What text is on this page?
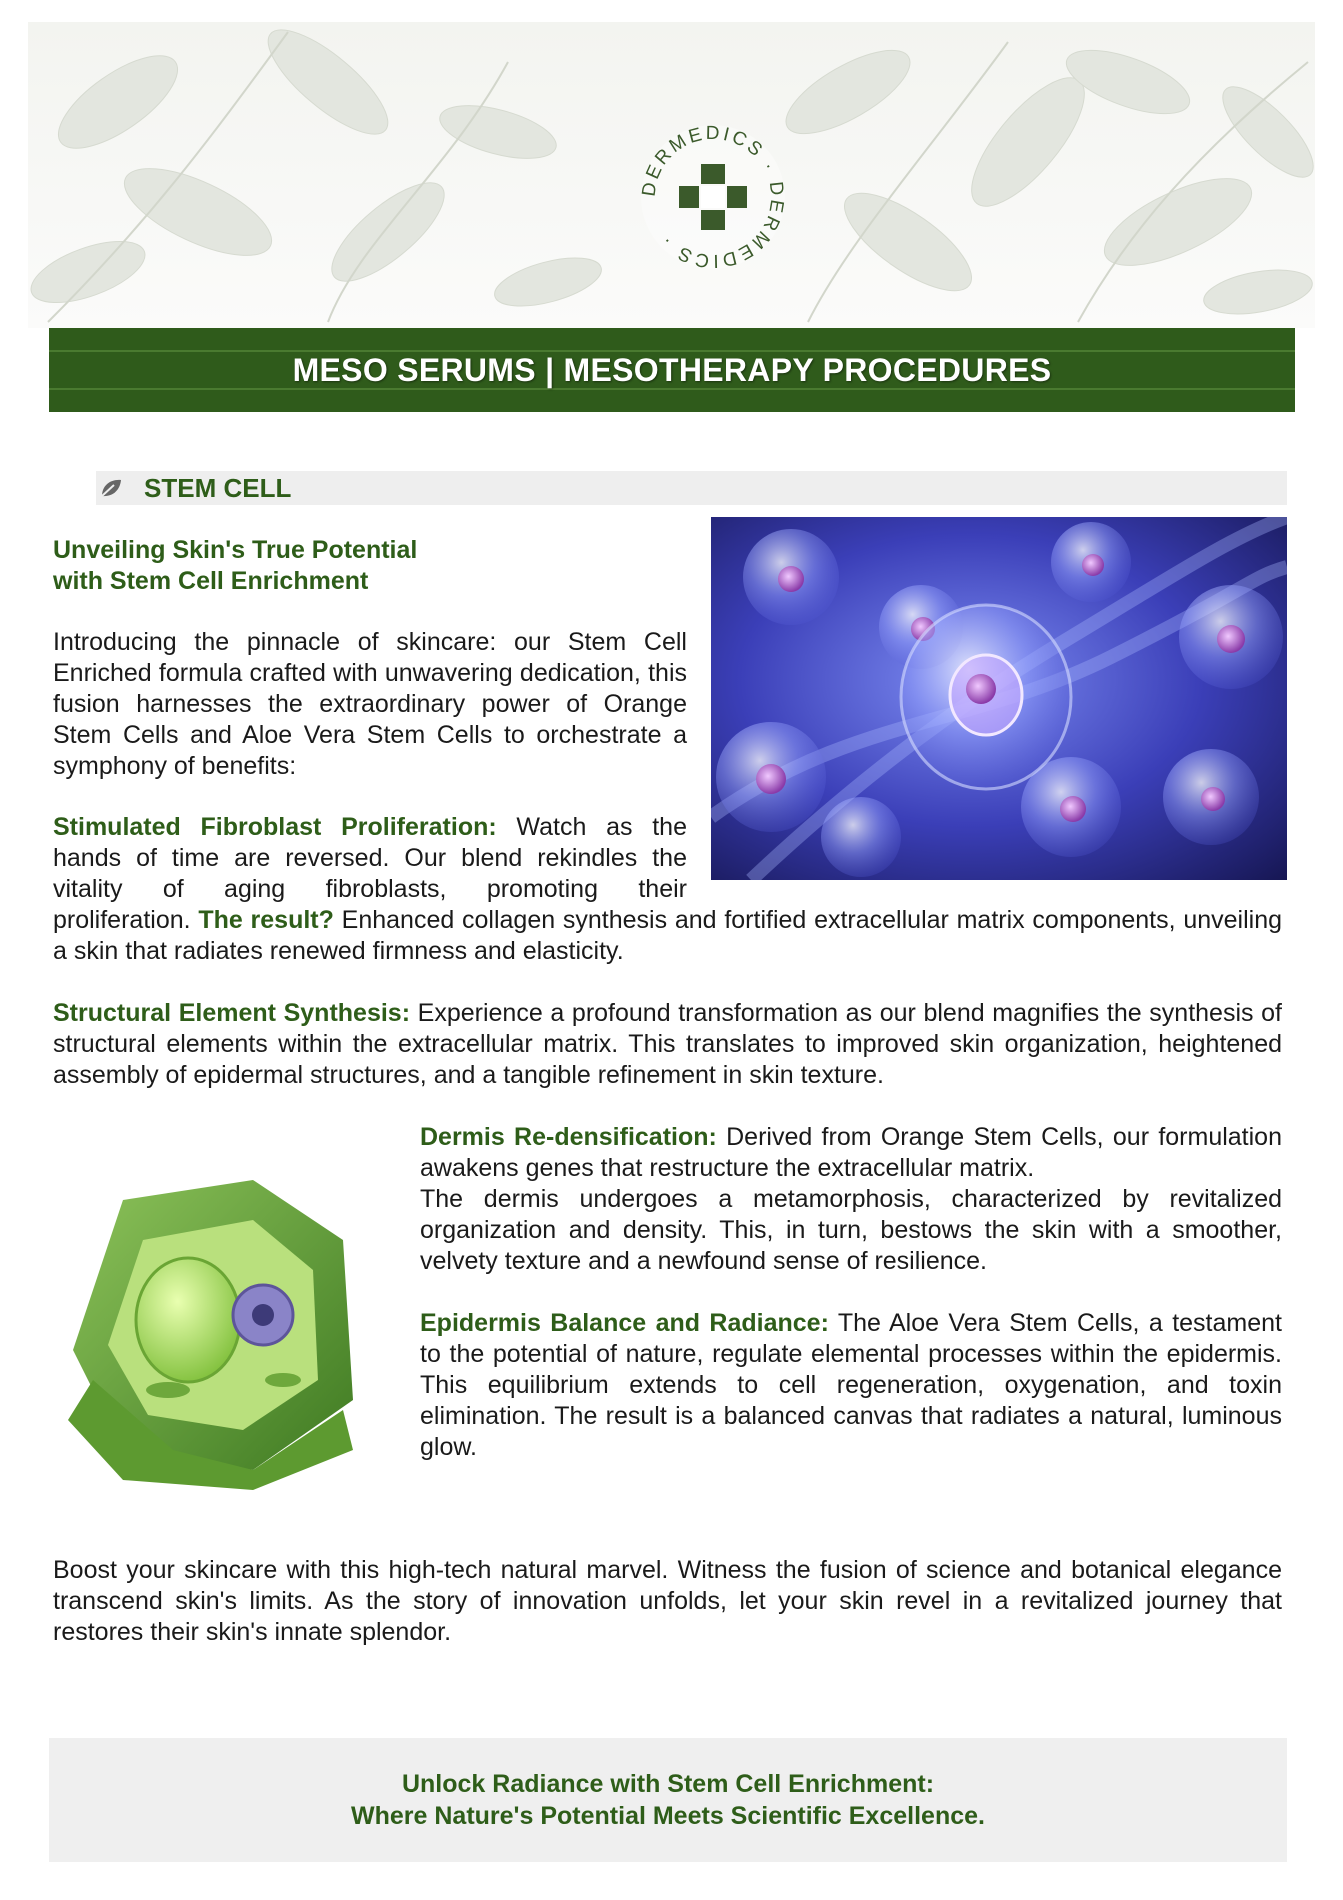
DERMEDICS · DERMEDICS ·
MESO SERUMS | MESOTHERAPY PROCEDURES
STEM CELL
Unveiling Skin's True Potential
with Stem Cell Enrichment
Introducing the pinnacle of skincare: our Stem Cell Enriched formula crafted with unwavering dedication, this fusion harnesses the extraordinary power of Orange Stem Cells and Aloe Vera Stem Cells to orchestrate a symphony of benefits:
Stimulated Fibroblast Proliferation: Watch as the hands of time are reversed. Our blend rekindles the vitality of aging fibroblasts, promoting their
proliferation. The result? Enhanced collagen synthesis and fortified extracellular matrix components, unveiling a skin that radiates renewed firmness and elasticity.
Structural Element Synthesis: Experience a profound transformation as our blend magnifies the synthesis of structural elements within the extracellular matrix. This translates to improved skin organization, heightened assembly of epidermal structures, and a tangible refinement in skin texture.
Dermis Re-densification: Derived from Orange Stem Cells, our formulation awakens genes that restructure the extracellular matrix.
The dermis undergoes a metamorphosis, characterized by revitalized organization and density. This, in turn, bestows the skin with a smoother, velvety texture and a newfound sense of resilience.
Epidermis Balance and Radiance: The Aloe Vera Stem Cells, a testament to the potential of nature, regulate elemental processes within the epidermis. This equilibrium extends to cell regeneration, oxygenation, and toxin elimination. The result is a balanced canvas that radiates a natural, luminous glow.
Boost your skincare with this high-tech natural marvel. Witness the fusion of science and botanical elegance transcend skin's limits. As the story of innovation unfolds, let your skin revel in a revitalized journey that restores their skin's innate splendor.
Unlock Radiance with Stem Cell Enrichment:
Where Nature's Potential Meets Scientific Excellence.
